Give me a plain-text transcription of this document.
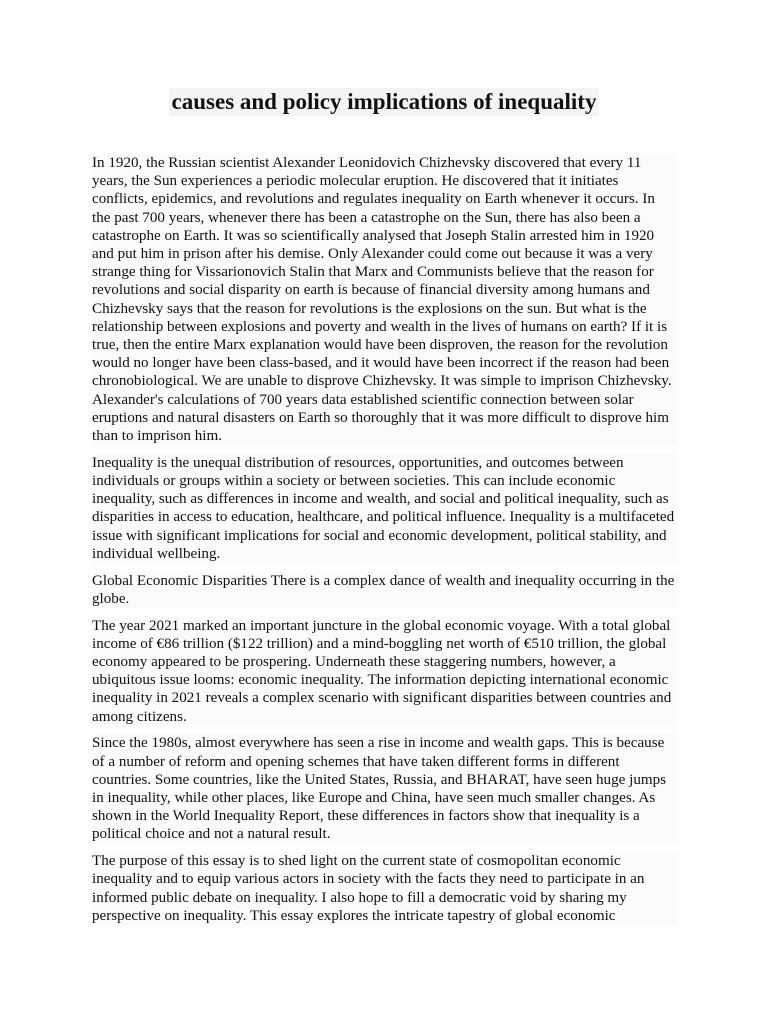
causes and policy implications of inequality

In 1920, the Russian scientist Alexander Leonidovich Chizhevsky discovered that every 11 years, the Sun experiences a periodic molecular eruption. He discovered that it initiates conflicts, epidemics, and revolutions and regulates inequality on Earth whenever it occurs. In the past 700 years, whenever there has been a catastrophe on the Sun, there has also been a catastrophe on Earth. It was so scientifically analysed that Joseph Stalin arrested him in 1920 and put him in prison after his demise. Only Alexander could come out because it was a very strange thing for Vissarionovich Stalin that Marx and Communists believe that the reason for revolutions and social disparity on earth is because of financial diversity among humans and Chizhevsky says that the reason for revolutions is the explosions on the sun. But what is the relationship between explosions and poverty and wealth in the lives of humans on earth? If it is true, then the entire Marx explanation would have been disproven, the reason for the revolution would no longer have been class-based, and it would have been incorrect if the reason had been chronobiological. We are unable to disprove Chizhevsky. It was simple to imprison Chizhevsky. Alexander's calculations of 700 years data established scientific connection between solar eruptions and natural disasters on Earth so thoroughly that it was more difficult to disprove him than to imprison him.

Inequality is the unequal distribution of resources, opportunities, and outcomes between individuals or groups within a society or between societies. This can include economic inequality, such as differences in income and wealth, and social and political inequality, such as disparities in access to education, healthcare, and political influence. Inequality is a multifaceted issue with significant implications for social and economic development, political stability, and individual wellbeing.

Global Economic Disparities There is a complex dance of wealth and inequality occurring in the globe.

The year 2021 marked an important juncture in the global economic voyage. With a total global income of €86 trillion ($122 trillion) and a mind-boggling net worth of €510 trillion, the global economy appeared to be prospering. Underneath these staggering numbers, however, a ubiquitous issue looms: economic inequality. The information depicting international economic inequality in 2021 reveals a complex scenario with significant disparities between countries and among citizens.

Since the 1980s, almost everywhere has seen a rise in income and wealth gaps. This is because of a number of reform and opening schemes that have taken different forms in different countries. Some countries, like the United States, Russia, and BHARAT, have seen huge jumps in inequality, while other places, like Europe and China, have seen much smaller changes. As shown in the World Inequality Report, these differences in factors show that inequality is a political choice and not a natural result.

The purpose of this essay is to shed light on the current state of cosmopolitan economic inequality and to equip various actors in society with the facts they need to participate in an informed public debate on inequality. I also hope to fill a democratic void by sharing my perspective on inequality. This essay explores the intricate tapestry of global economic
